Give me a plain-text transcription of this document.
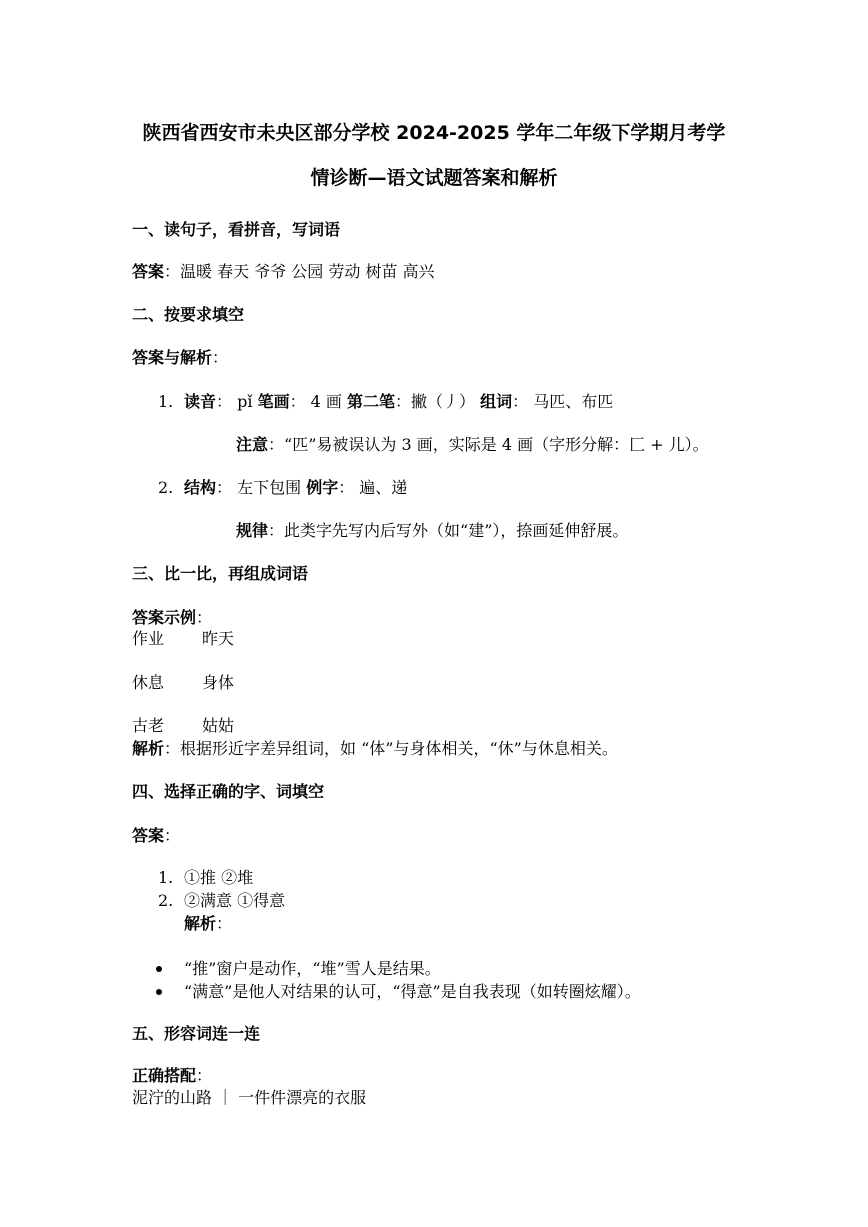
陕西省西安市未央区部分学校 2024-2025 学年二年级下学期月考学
情诊断—语文试题答案和解析
一、读句子，看拼音，写词语
答案：温暖 春天 爷爷 公园 劳动 树苗 高兴
二、按要求填空
答案与解析：
1. 读音： pǐ 笔画： 4 画 第二笔：撇（丿） 组词： 马匹、布匹
注意：“匹”易被误认为 3 画，实际是 4 画（字形分解：匚 + 儿）。
2. 结构： 左下包围 例字： 遍、递
规律：此类字先写内后写外（如“建”），捺画延伸舒展。
三、比一比，再组成词语
答案示例：
作业 昨天
休息 身体
古老 姑姑
解析：根据形近字差异组词，如 “体”与身体相关，“休”与休息相关。
四、选择正确的字、词填空
答案：
1. ①推 ②堆
2. ②满意 ①得意
解析：
“推”窗户是动作，“堆”雪人是结果。
“满意”是他人对结果的认可，“得意”是自我表现（如转圈炫耀）。
五、形容词连一连
正确搭配：
泥泞的山路 ｜ 一件件漂亮的衣服
